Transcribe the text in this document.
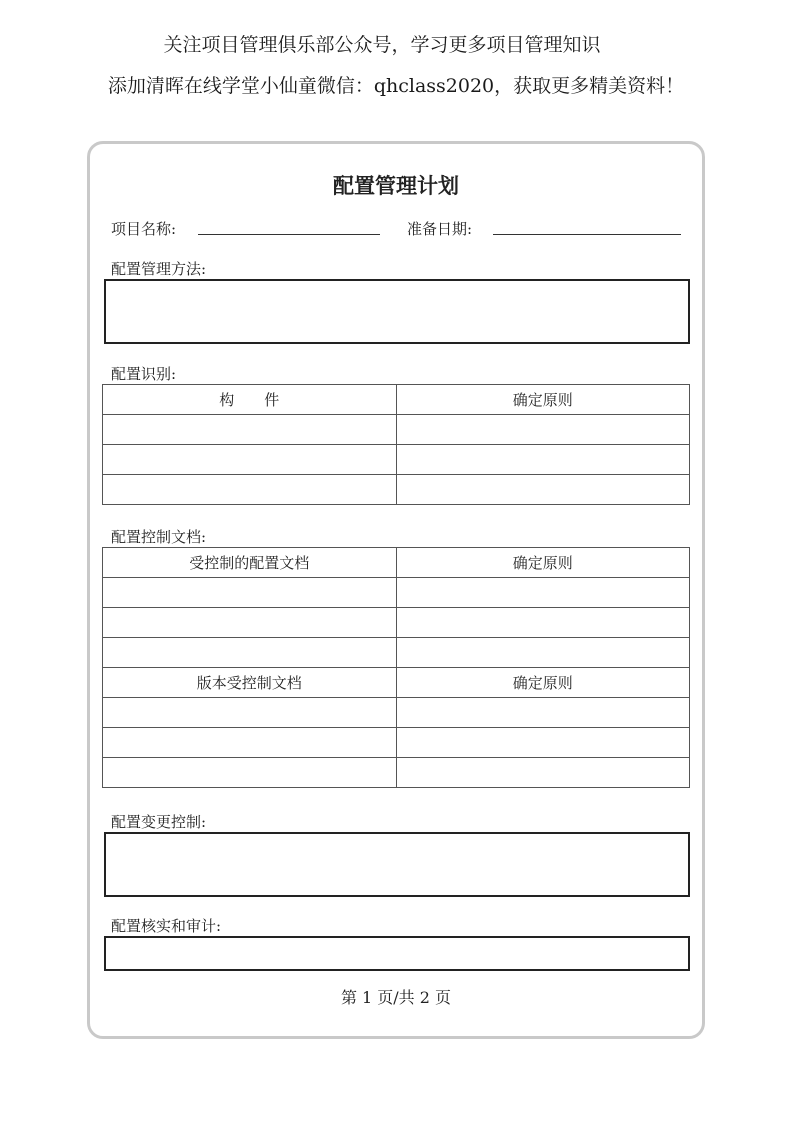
关注项目管理俱乐部公众号，学习更多项目管理知识
添加清晖在线学堂小仙童微信：qhclass2020，获取更多精美资料！
配置管理计划
项目名称:	准备日期:
配置管理方法:
配置识别:
构　　件	确定原则

配置控制文档:
受控制的配置文档	确定原则

版本受控制文档	确定原则

配置变更控制:
配置核实和审计:
第 1 页/共 2 页
